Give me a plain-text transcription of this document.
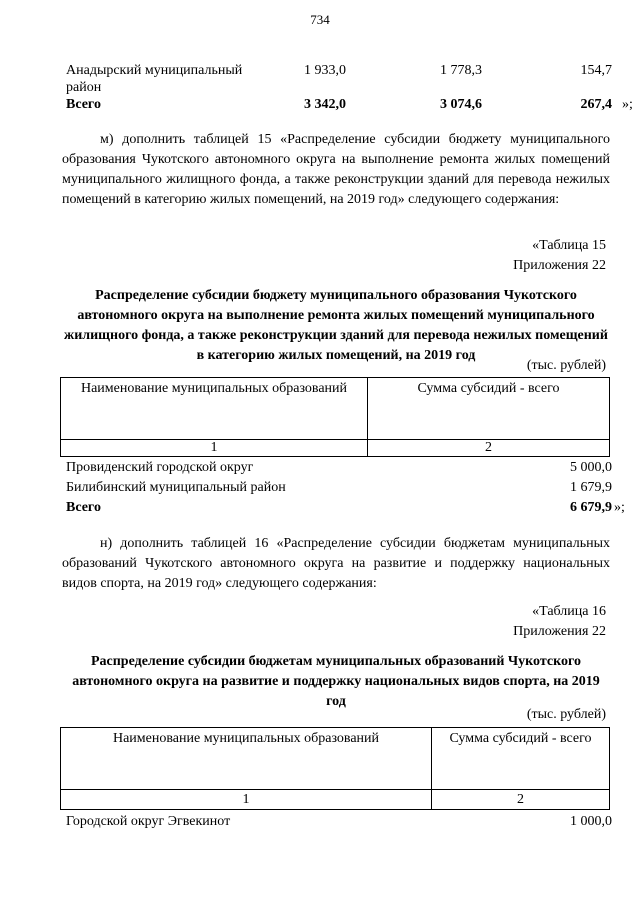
734
Анадырский муниципальный	1 933,0	1 778,3	154,7
район
Всего	3 342,0	3 074,6	267,4 »;
м) дополнить таблицей 15 «Распределение субсидии бюджету муниципального образования Чукотского автономного округа на выполнение ремонта жилых помещений муниципального жилищного фонда, а также реконструкции зданий для перевода нежилых помещений в категорию жилых помещений, на 2019 год» следующего содержания:
«Таблица 15
Приложения 22
Распределение субсидии бюджету муниципального образования Чукотского автономного округа на выполнение ремонта жилых помещений муниципального жилищного фонда, а также реконструкции зданий для перевода нежилых помещений в категорию жилых помещений, на 2019 год
(тыс. рублей)
Наименование муниципальных образований	Сумма субсидий - всего
1	2
Провиденский городской округ	5 000,0
Билибинский муниципальный район	1 679,9
Всего	6 679,9 »;
н) дополнить таблицей 16 «Распределение субсидии бюджетам муниципальных образований Чукотского автономного округа на развитие и поддержку национальных видов спорта, на 2019 год» следующего содержания:
«Таблица 16
Приложения 22
Распределение субсидии бюджетам муниципальных образований Чукотского автономного округа на развитие и поддержку национальных видов спорта, на 2019 год
(тыс. рублей)
Наименование муниципальных образований	Сумма субсидий - всего
1	2
Городской округ Эгвекинот	1 000,0
